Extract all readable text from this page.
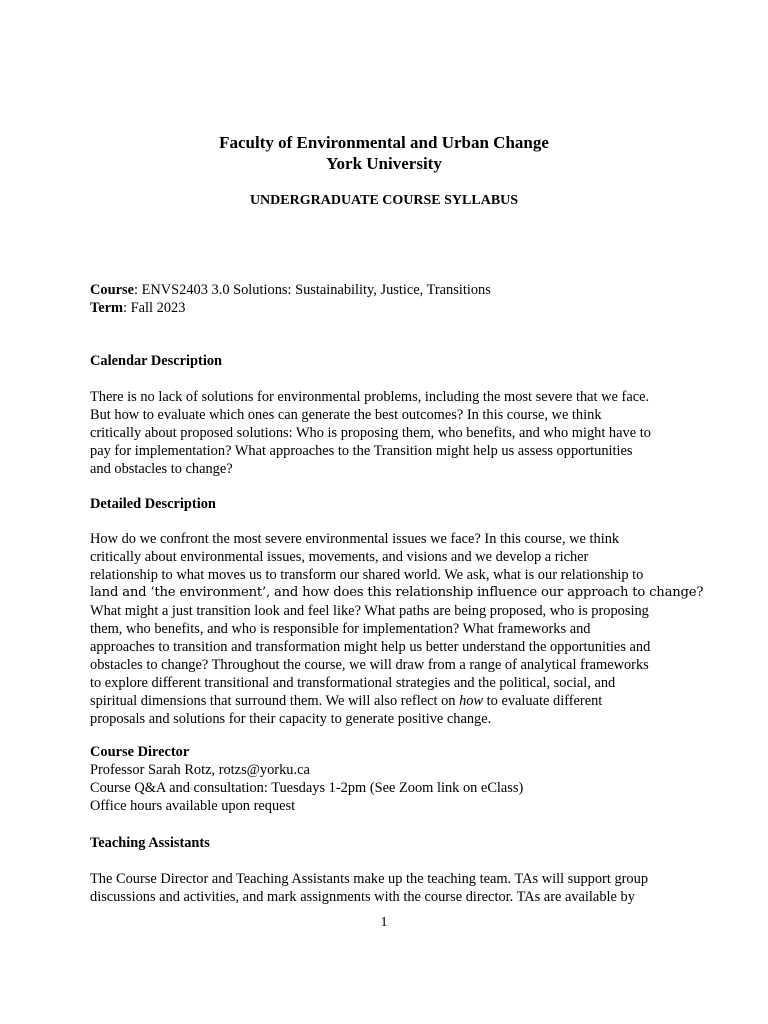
Faculty of Environmental and Urban Change
York University
UNDERGRADUATE COURSE SYLLABUS
Course: ENVS2403 3.0 Solutions: Sustainability, Justice, Transitions
Term: Fall 2023

Calendar Description

There is no lack of solutions for environmental problems, including the most severe that we face.
But how to evaluate which ones can generate the best outcomes? In this course, we think
critically about proposed solutions: Who is proposing them, who benefits, and who might have to
pay for implementation? What approaches to the Transition might help us assess opportunities
and obstacles to change?

Detailed Description

How do we confront the most severe environmental issues we face? In this course, we think
critically about environmental issues, movements, and visions and we develop a richer
relationship to what moves us to transform our shared world. We ask, what is our relationship to
land and ‘the environment’, and how does this relationship influence our approach to change?
What might a just transition look and feel like? What paths are being proposed, who is proposing
them, who benefits, and who is responsible for implementation? What frameworks and
approaches to transition and transformation might help us better understand the opportunities and
obstacles to change? Throughout the course, we will draw from a range of analytical frameworks
to explore different transitional and transformational strategies and the political, social, and
spiritual dimensions that surround them. We will also reflect on how to evaluate different
proposals and solutions for their capacity to generate positive change.

Course Director

Professor Sarah Rotz, rotzs@yorku.ca
Course Q&A and consultation: Tuesdays 1-2pm (See Zoom link on eClass)
Office hours available upon request

Teaching Assistants

The Course Director and Teaching Assistants make up the teaching team. TAs will support group
discussions and activities, and mark assignments with the course director. TAs are available by

1
